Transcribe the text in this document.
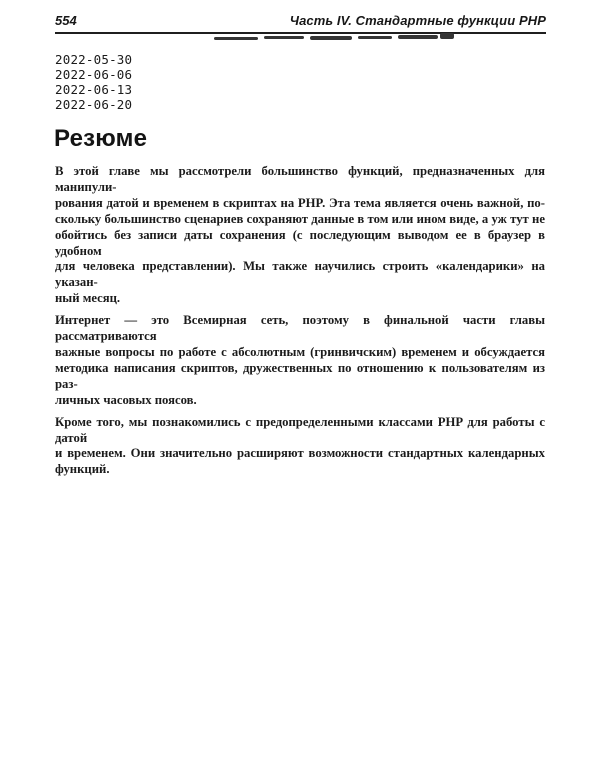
554	Часть IV. Стандартные функции PHP
2022-05-30
2022-06-06
2022-06-13
2022-06-20
Резюме

В этой главе мы рассмотрели большинство функций, предназначенных для манипули-
рования датой и временем в скриптах на PHP. Эта тема является очень важной, по-
скольку большинство сценариев сохраняют данные в том или ином виде, а уж тут не
обойтись без записи даты сохранения (с последующим выводом ее в браузер в удобном
для человека представлении). Мы также научились строить «календарики» на указан-
ный месяц.

Интернет — это Всемирная сеть, поэтому в финальной части главы рассматриваются
важные вопросы по работе с абсолютным (гринвичским) временем и обсуждается
методика написания скриптов, дружественных по отношению к пользователям из раз-
личных часовых поясов.

Кроме того, мы познакомились с предопределенными классами PHP для работы с датой
и временем. Они значительно расширяют возможности стандартных календарных
функций.
